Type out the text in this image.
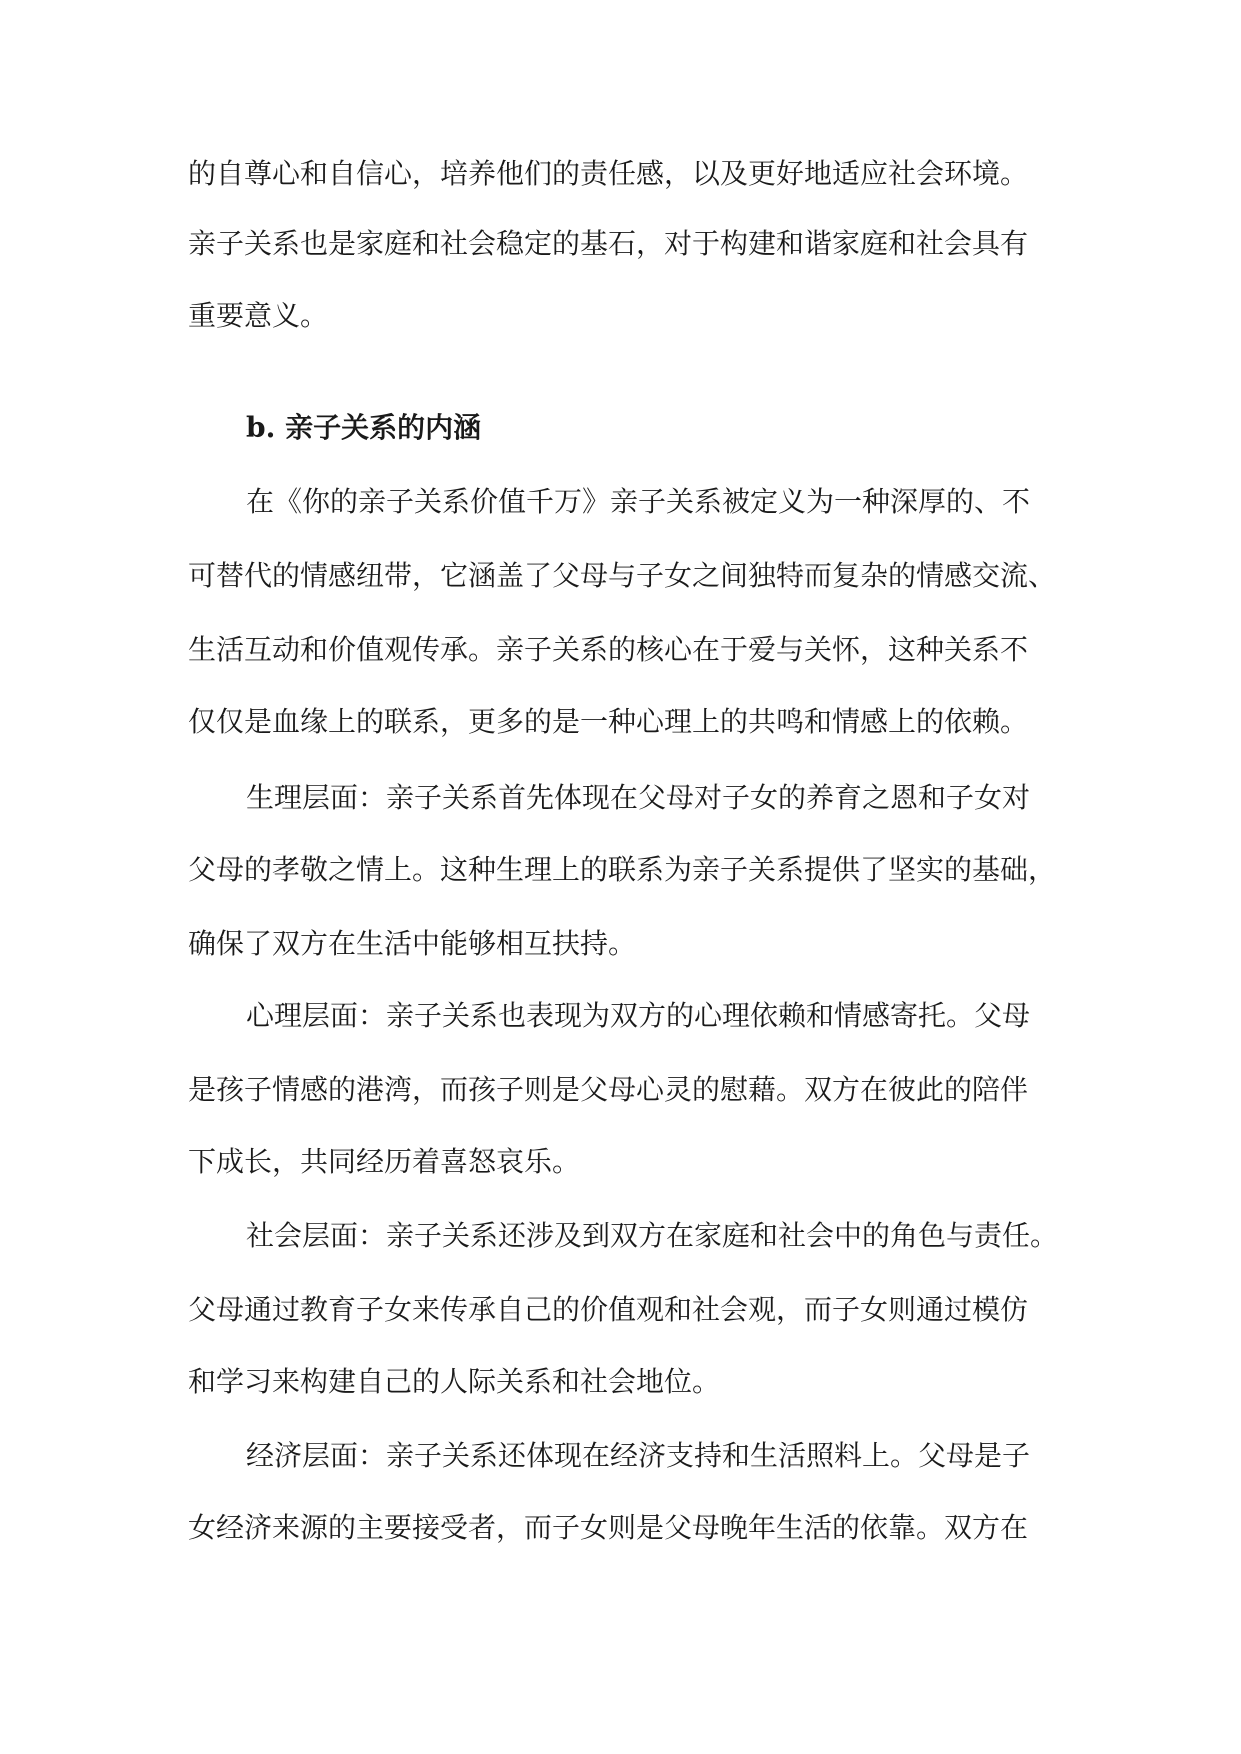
的自尊心和自信心，培养他们的责任感，以及更好地适应社会环境。
亲子关系也是家庭和社会稳定的基石，对于构建和谐家庭和社会具有
重要意义。
b. 亲子关系的内涵
在《你的亲子关系价值千万》亲子关系被定义为一种深厚的、不
可替代的情感纽带，它涵盖了父母与子女之间独特而复杂的情感交流、
生活互动和价值观传承。亲子关系的核心在于爱与关怀，这种关系不
仅仅是血缘上的联系，更多的是一种心理上的共鸣和情感上的依赖。
生理层面：亲子关系首先体现在父母对子女的养育之恩和子女对
父母的孝敬之情上。这种生理上的联系为亲子关系提供了坚实的基础，
确保了双方在生活中能够相互扶持。
心理层面：亲子关系也表现为双方的心理依赖和情感寄托。父母
是孩子情感的港湾，而孩子则是父母心灵的慰藉。双方在彼此的陪伴
下成长，共同经历着喜怒哀乐。
社会层面：亲子关系还涉及到双方在家庭和社会中的角色与责任。
父母通过教育子女来传承自己的价值观和社会观，而子女则通过模仿
和学习来构建自己的人际关系和社会地位。
经济层面：亲子关系还体现在经济支持和生活照料上。父母是子
女经济来源的主要接受者，而子女则是父母晚年生活的依靠。双方在
